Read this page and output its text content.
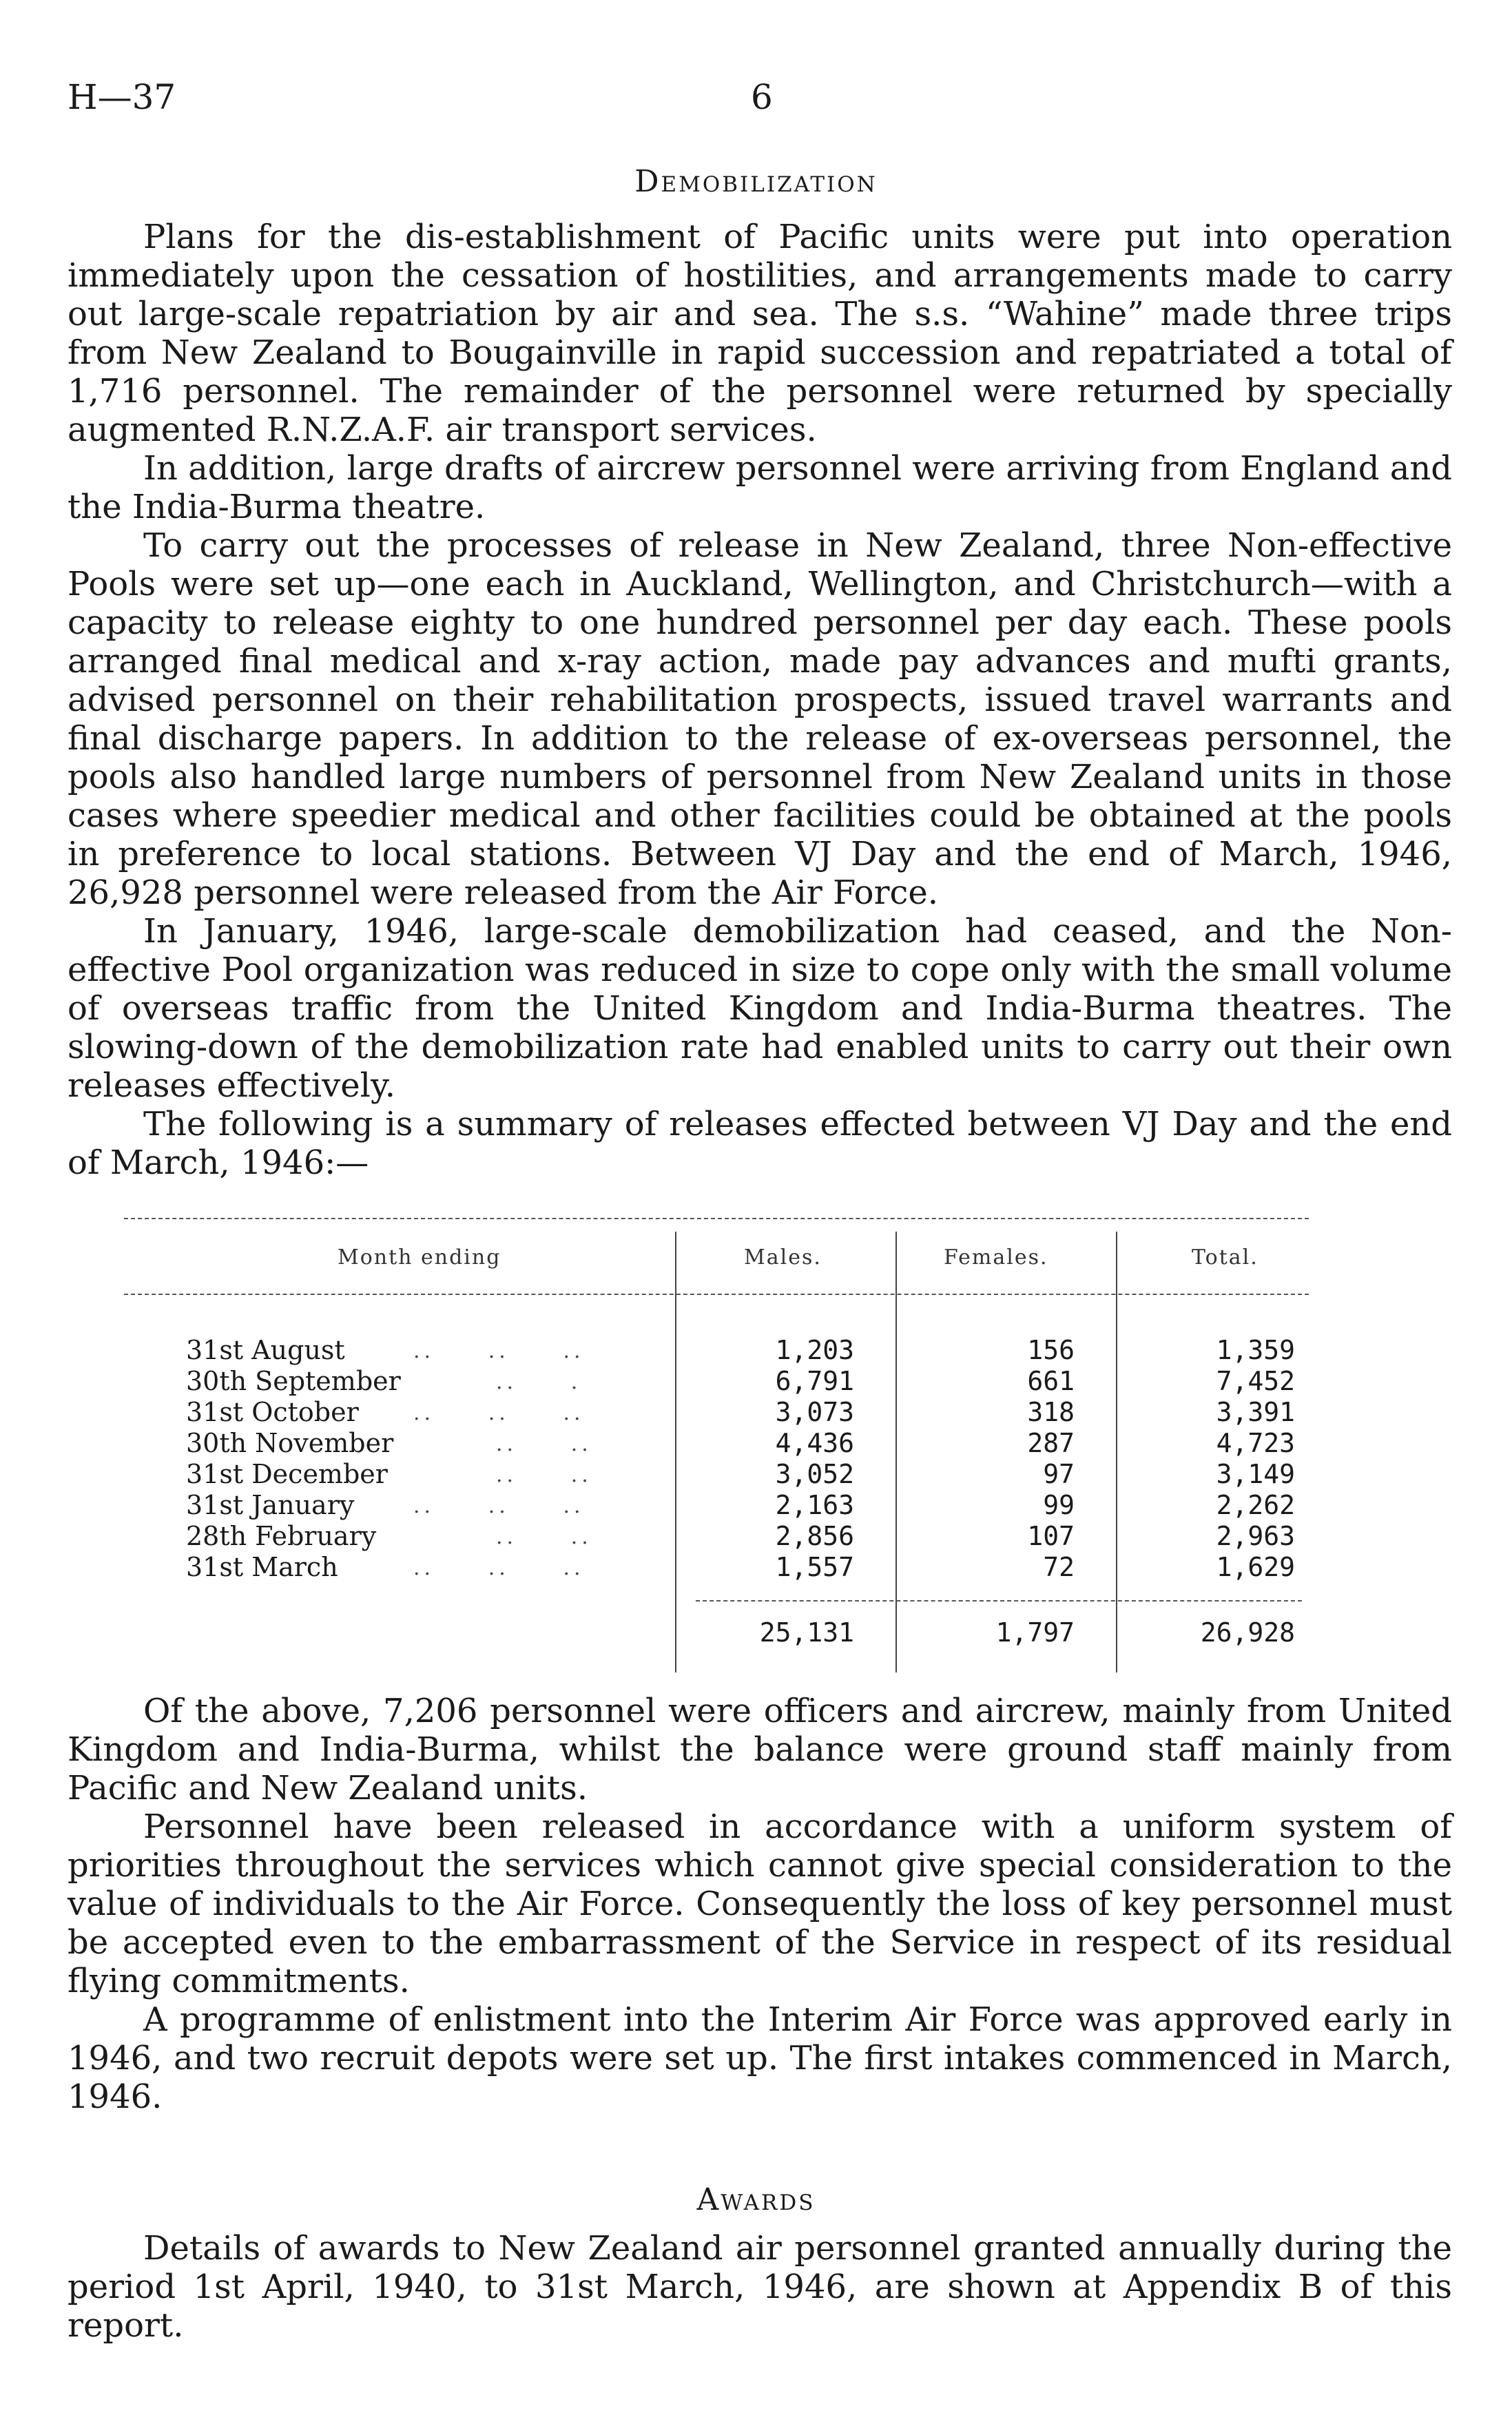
H—37	6
Demobilization

Plans for the dis-establishment of Pacific units were put into operation immediately upon the cessation of hostilities, and arrangements made to carry out large-scale repatriation by air and sea. The s.s. “Wahine” made three trips from New Zealand to Bougainville in rapid succession and repatriated a total of 1,716 personnel. The remainder of the personnel were returned by specially augmented R.N.Z.A.F. air transport services.

In addition, large drafts of aircrew personnel were arriving from England and the India-Burma theatre.

To carry out the processes of release in New Zealand, three Non-effective Pools were set up—one each in Auckland, Wellington, and Christchurch—with a capacity to release eighty to one hundred personnel per day each. These pools arranged final medical and x-ray action, made pay advances and mufti grants, advised personnel on their rehabilitation prospects, issued travel warrants and final discharge papers. In addition to the release of ex-overseas personnel, the pools also handled large numbers of personnel from New Zealand units in those cases where speedier medical and other facilities could be obtained at the pools in preference to local stations. Between VJ Day and the end of March, 1946, 26,928 personnel were released from the Air Force.

In January, 1946, large-scale demobilization had ceased, and the Non-effective Pool organization was reduced in size to cope only with the small volume of overseas traffic from the United Kingdom and India-Burma theatres. The slowing-down of the demobilization rate had enabled units to carry out their own releases effectively.

The following is a summary of releases effected between VJ Day and the end of March, 1946:—

Month ending	Males.	Females.	Total.
31st August	..     ..     ..	1,203	156	1,359
30th September	..     .	6,791	661	7,452
31st October	..     ..     ..	3,073	318	3,391
30th November	..     ..	4,436	287	4,723
31st December	..     ..	3,052	97	3,149
31st January	..     ..     ..	2,163	99	2,262
28th February	..     ..	2,856	107	2,963
31st March	..     ..     ..	1,557	72	1,629
25,131	1,797	26,928

Of the above, 7,206 personnel were officers and aircrew, mainly from United Kingdom and India-Burma, whilst the balance were ground staff mainly from Pacific and New Zealand units.

Personnel have been released in accordance with a uniform system of priorities throughout the services which cannot give special consideration to the value of individuals to the Air Force. Consequently the loss of key personnel must be accepted even to the embarrassment of the Service in respect of its residual flying commitments.

A programme of enlistment into the Interim Air Force was approved early in 1946, and two recruit depots were set up. The first intakes commenced in March, 1946.

Awards

Details of awards to New Zealand air personnel granted annually during the period 1st April, 1940, to 31st March, 1946, are shown at Appendix B of this report.
